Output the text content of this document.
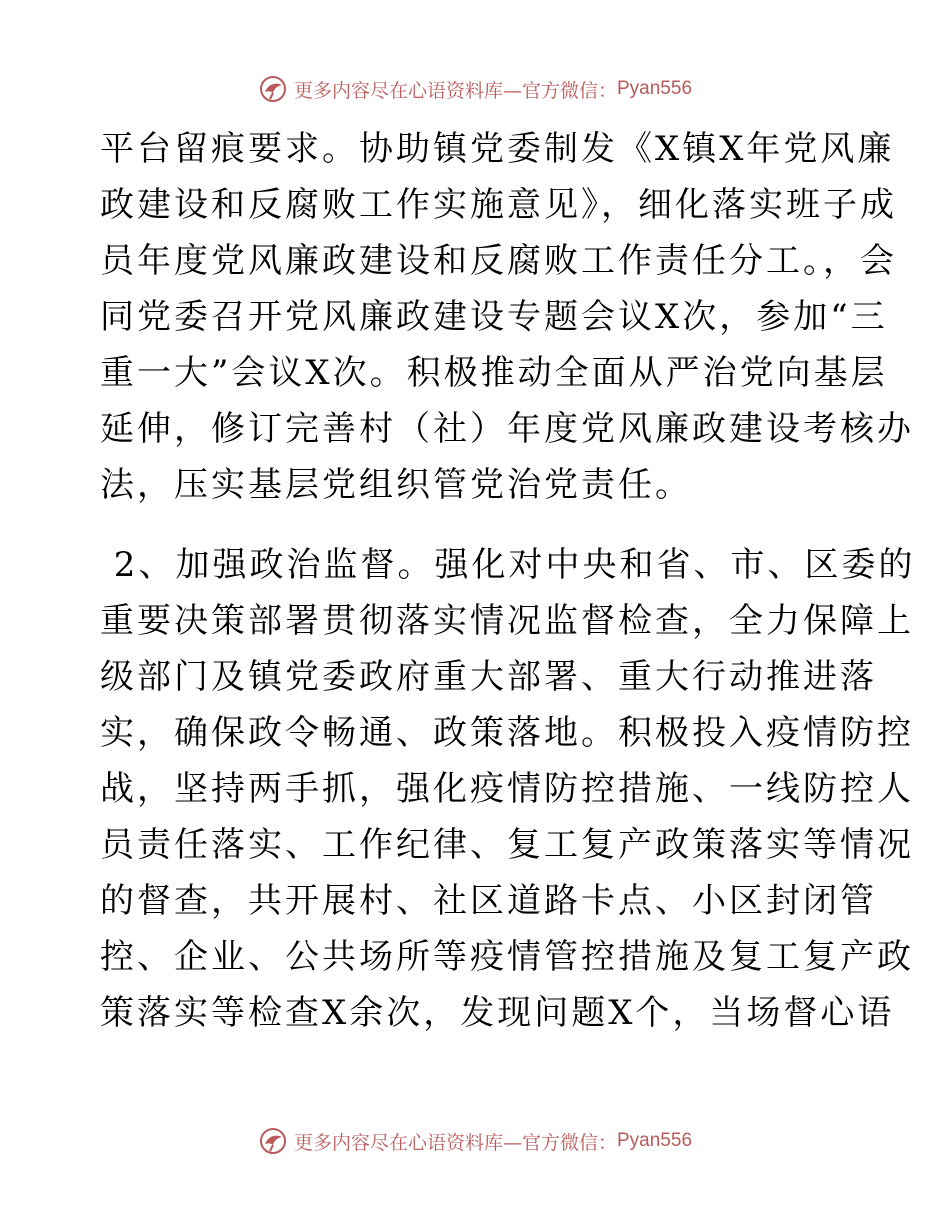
更多内容尽在心语资料库—官方微信： Pyan556
平台留痕要求。协助镇党委制发《X镇X年党风廉
政建设和反腐败工作实施意见》，细化落实班子成
员年度党风廉政建设和反腐败工作责任分工。，会
同党委召开党风廉政建设专题会议X次，参加“三
重一大”会议X次。积极推动全面从严治党向基层
延伸，修订完善村（社）年度党风廉政建设考核办
法，压实基层党组织管党治党责任。
2、加强政治监督。强化对中央和省、市、区委的
重要决策部署贯彻落实情况监督检查，全力保障上
级部门及镇党委政府重大部署、重大行动推进落
实，确保政令畅通、政策落地。积极投入疫情防控
战，坚持两手抓，强化疫情防控措施、一线防控人
员责任落实、工作纪律、复工复产政策落实等情况
的督查，共开展村、社区道路卡点、小区封闭管
控、企业、公共场所等疫情管控措施及复工复产政
策落实等检查X余次，发现问题X个，当场督心语
更多内容尽在心语资料库—官方微信： Pyan556
